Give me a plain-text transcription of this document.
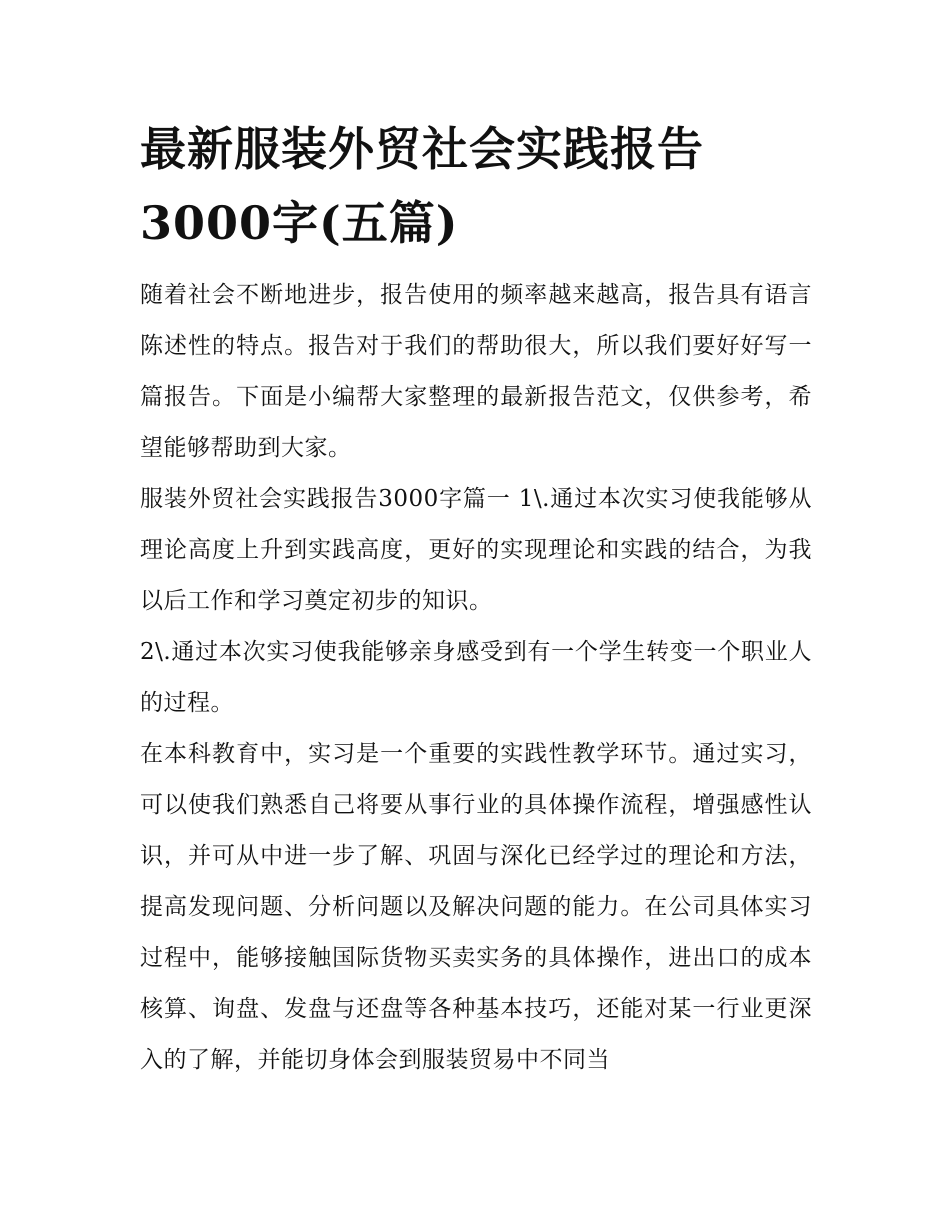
最新服装外贸社会实践报告3000字(五篇)

随着社会不断地进步，报告使用的频率越来越高，报告具有语言陈述性的特点。报告对于我们的帮助很大，所以我们要好好写一篇报告。下面是小编帮大家整理的最新报告范文，仅供参考，希望能够帮助到大家。

服装外贸社会实践报告3000字篇一 1\.通过本次实习使我能够从理论高度上升到实践高度，更好的实现理论和实践的结合，为我以后工作和学习奠定初步的知识。

2\.通过本次实习使我能够亲身感受到有一个学生转变一个职业人的过程。

在本科教育中，实习是一个重要的实践性教学环节。通过实习，可以使我们熟悉自己将要从事行业的具体操作流程，增强感性认识，并可从中进一步了解、巩固与深化已经学过的理论和方法，提高发现问题、分析问题以及解决问题的能力。在公司具体实习过程中，能够接触国际货物买卖实务的具体操作，进出口的成本核算、询盘、发盘与还盘等各种基本技巧，还能对某一行业更深入的了解，并能切身体会到服装贸易中不同当
